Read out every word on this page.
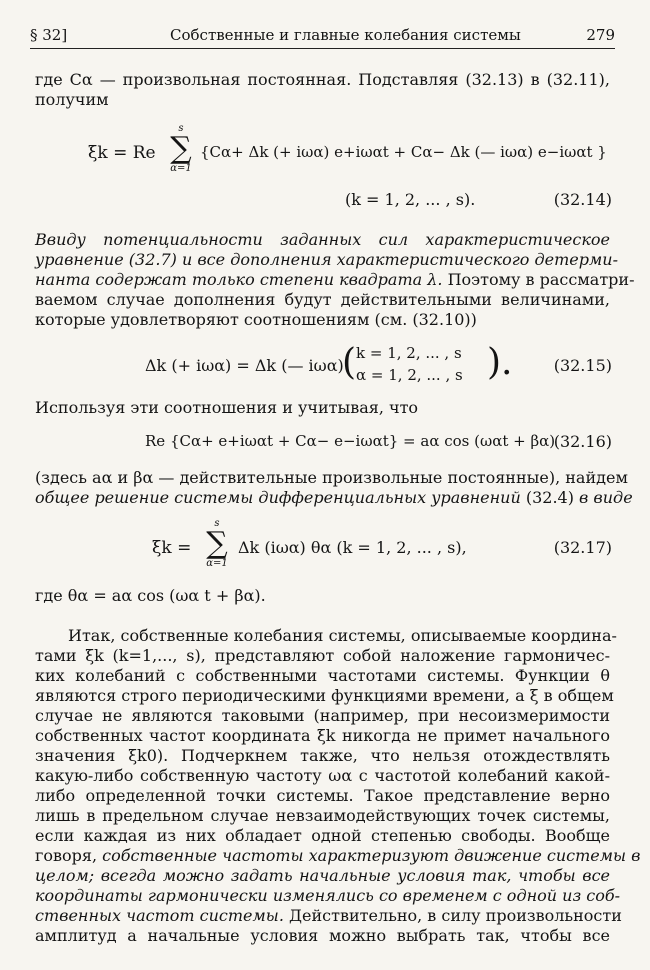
§ 32]	Собственные и главные колебания системы	279
где Cα — произвольная постоянная. Подставляя (32.13) в (32.11),
получим
ξk = Re
s
∑
α=1
{Cα+ Δk (+ iωα) e+iωαt + Cα− Δk (— iωα) e−iωαt }
(k = 1, 2, ... , s).	(32.14)
Ввиду потенциальности заданных сил характеристическое
уравнение (32.7) и все дополнения характеристического детерми-
нанта содержат только степени квадрата λ. Поэтому в рассматри-
ваемом случае дополнения будут действительными величинами,
которые удовлетворяют соотношениям (см. (32.10))
Δk (+ iωα) = Δk (— iωα)
( k = 1, 2, ... , s
α = 1, 2, ... , s ).	(32.15)
Используя эти соотношения и учитывая, что
Re {Cα+ e+iωαt + Cα− e−iωαt} = aα cos (ωαt + βα)
(32.16)
(здесь aα и βα — действительные произвольные постоянные), найдем
общее решение системы дифференциальных уравнений (32.4) в виде
ξk =
s
∑
α=1
Δk (iωα) θα (k = 1, 2, ... , s),	(32.17)
где θα = aα cos (ωα t + βα).
Итак, собственные колебания системы, описываемые координа-
тами ξk (k=1,..., s), представляют собой наложение гармоничес-
ких колебаний с собственными частотами системы. Функции θ
являются строго периодическими функциями времени, а ξ в общем
случае не являются таковыми (например, при несоизмеримости
собственных частот координата ξk никогда не примет начального
значения ξk0). Подчеркнем также, что нельзя отождествлять
какую-либо собственную частоту ωα с частотой колебаний какой-
либо определенной точки системы. Такое представление верно
лишь в предельном случае невзаимодействующих точек системы,
если каждая из них обладает одной степенью свободы. Вообще
говоря, собственные частоты характеризуют движение системы в
целом; всегда можно задать начальные условия так, чтобы все
координаты гармонически изменялись со временем с одной из соб-
ственных частот системы. Действительно, в силу произвольности
амплитуд a начальные условия можно выбрать так, чтобы все
